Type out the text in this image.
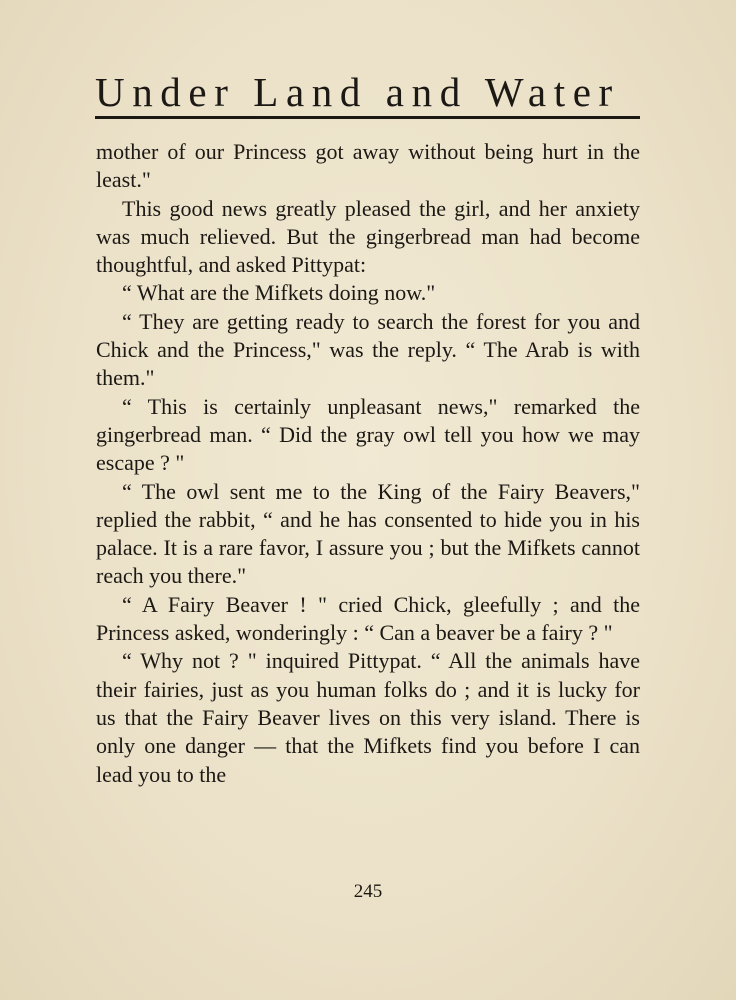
Under Land and Water

mother of our Princess got away without being hurt in the least."

This good news greatly pleased the girl, and her anxiety was much relieved. But the gingerbread man had become thoughtful, and asked Pittypat:

“ What are the Mifkets doing now."

“ They are getting ready to search the forest for you and Chick and the Princess," was the reply. “ The Arab is with them."

“ This is certainly unpleasant news," remarked the gingerbread man. “ Did the gray owl tell you how we may escape ? "

“ The owl sent me to the King of the Fairy Beavers," replied the rabbit, “ and he has consented to hide you in his palace. It is a rare favor, I assure you ; but the Mifkets cannot reach you there."

“ A Fairy Beaver ! " cried Chick, gleefully ; and the Princess asked, wonderingly : “ Can a beaver be a fairy ? "

“ Why not ? " inquired Pittypat. “ All the animals have their fairies, just as you human folks do ; and it is lucky for us that the Fairy Beaver lives on this very island. There is only one danger — that the Mifkets find you before I can lead you to the

245
